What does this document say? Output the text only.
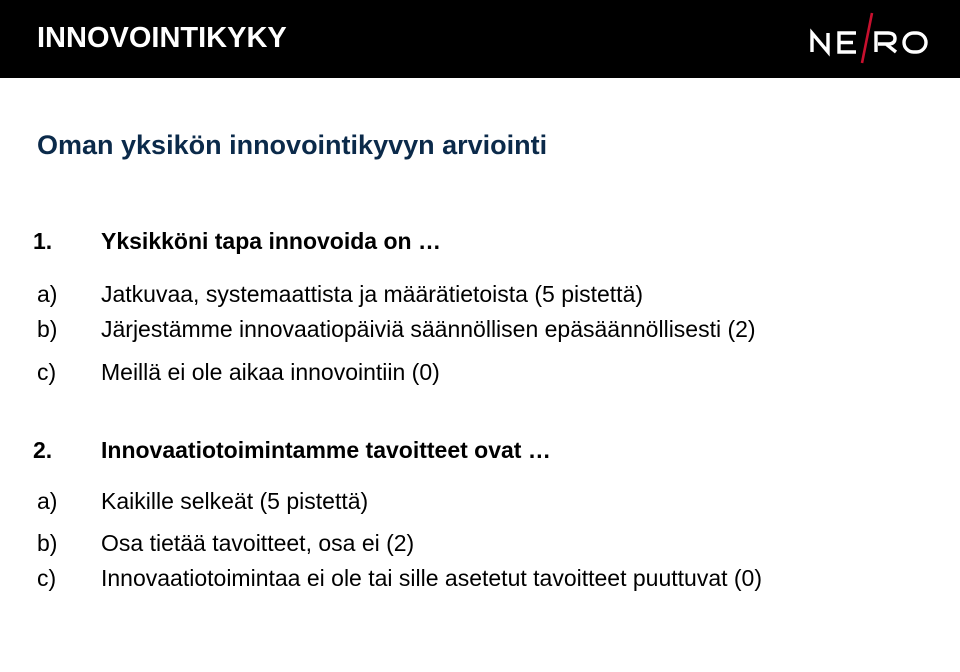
INNOVOINTIKYKY
Oman yksikön innovointikyvyn arviointi
1. Yksikköni tapa innovoida on …
a) Jatkuvaa, systemaattista ja määrätietoista (5 pistettä)
b) Järjestämme innovaatiopäiviä säännöllisen epäsäännöllisesti (2)
c) Meillä ei ole aikaa innovointiin (0)
2. Innovaatiotoimintamme tavoitteet ovat …
a) Kaikille selkeät (5 pistettä)
b) Osa tietää tavoitteet, osa ei (2)
c) Innovaatiotoimintaa ei ole tai sille asetetut tavoitteet puuttuvat (0)
